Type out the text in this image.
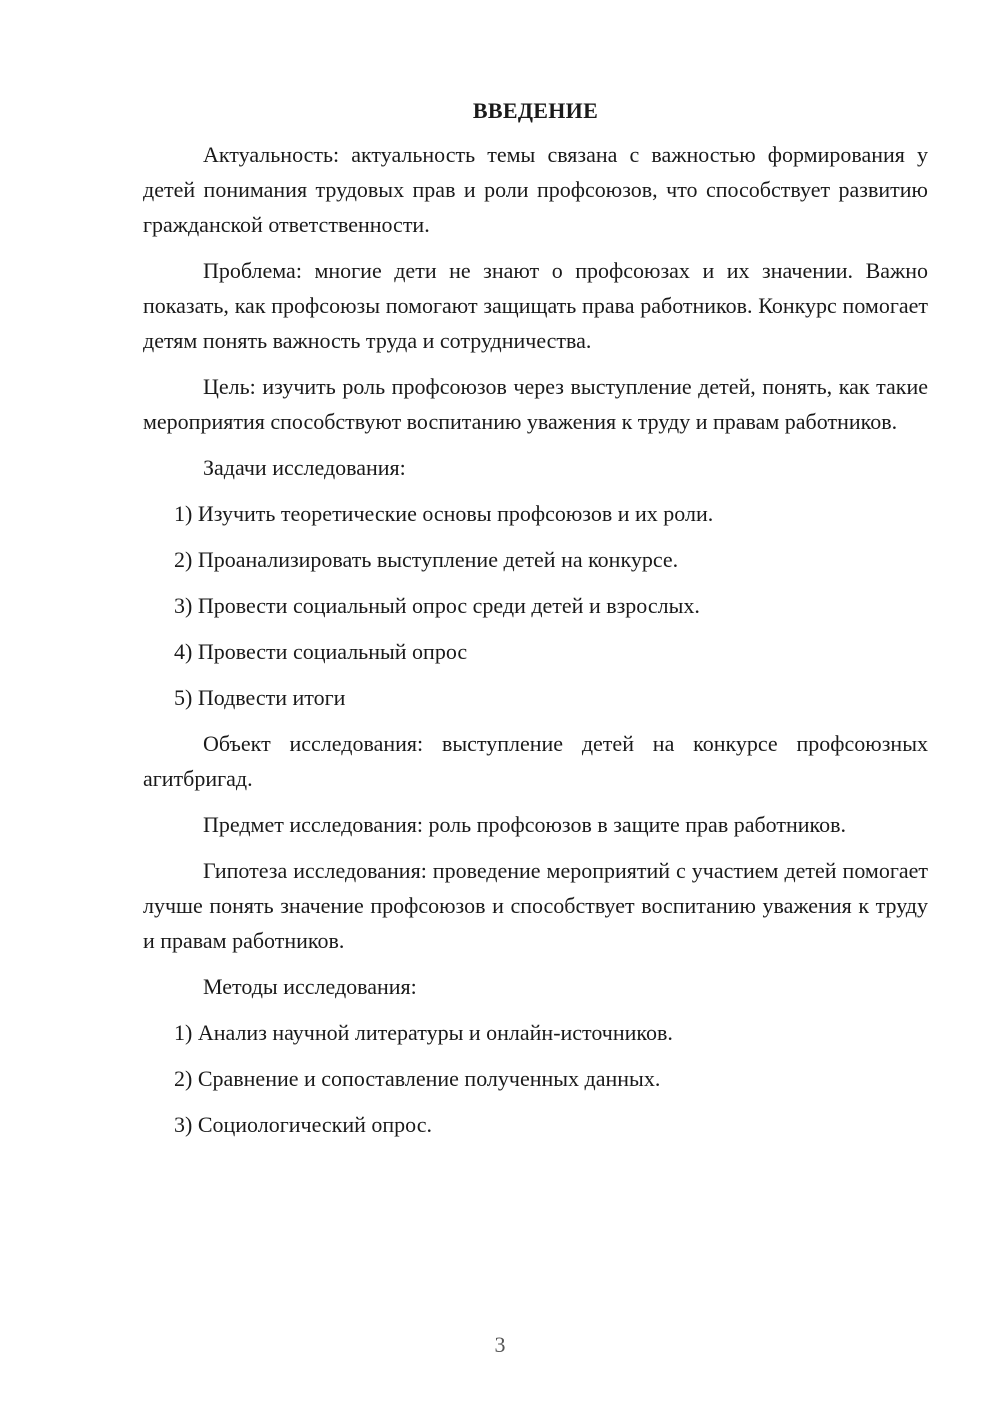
ВВЕДЕНИЕ

Актуальность: актуальность темы связана с важностью формирования у детей понимания трудовых прав и роли профсоюзов, что способствует развитию гражданской ответственности.

Проблема: многие дети не знают о профсоюзах и их значении. Важно показать, как профсоюзы помогают защищать права работников. Конкурс помогает детям понять важность труда и сотрудничества.

Цель: изучить роль профсоюзов через выступление детей, понять, как такие мероприятия способствуют воспитанию уважения к труду и правам работников.

Задачи исследования:

1) Изучить теоретические основы профсоюзов и их роли.
2) Проанализировать выступление детей на конкурсе.
3) Провести социальный опрос среди детей и взрослых.
4) Провести социальный опрос
5) Подвести итоги

Объект исследования: выступление детей на конкурсе профсоюзных агитбригад.

Предмет исследования: роль профсоюзов в защите прав работников.

Гипотеза исследования: проведение мероприятий с участием детей помогает лучше понять значение профсоюзов и способствует воспитанию уважения к труду и правам работников.

Методы исследования:

1) Анализ научной литературы и онлайн-источников.
2) Сравнение и сопоставление полученных данных.
3) Социологический опрос.
3
